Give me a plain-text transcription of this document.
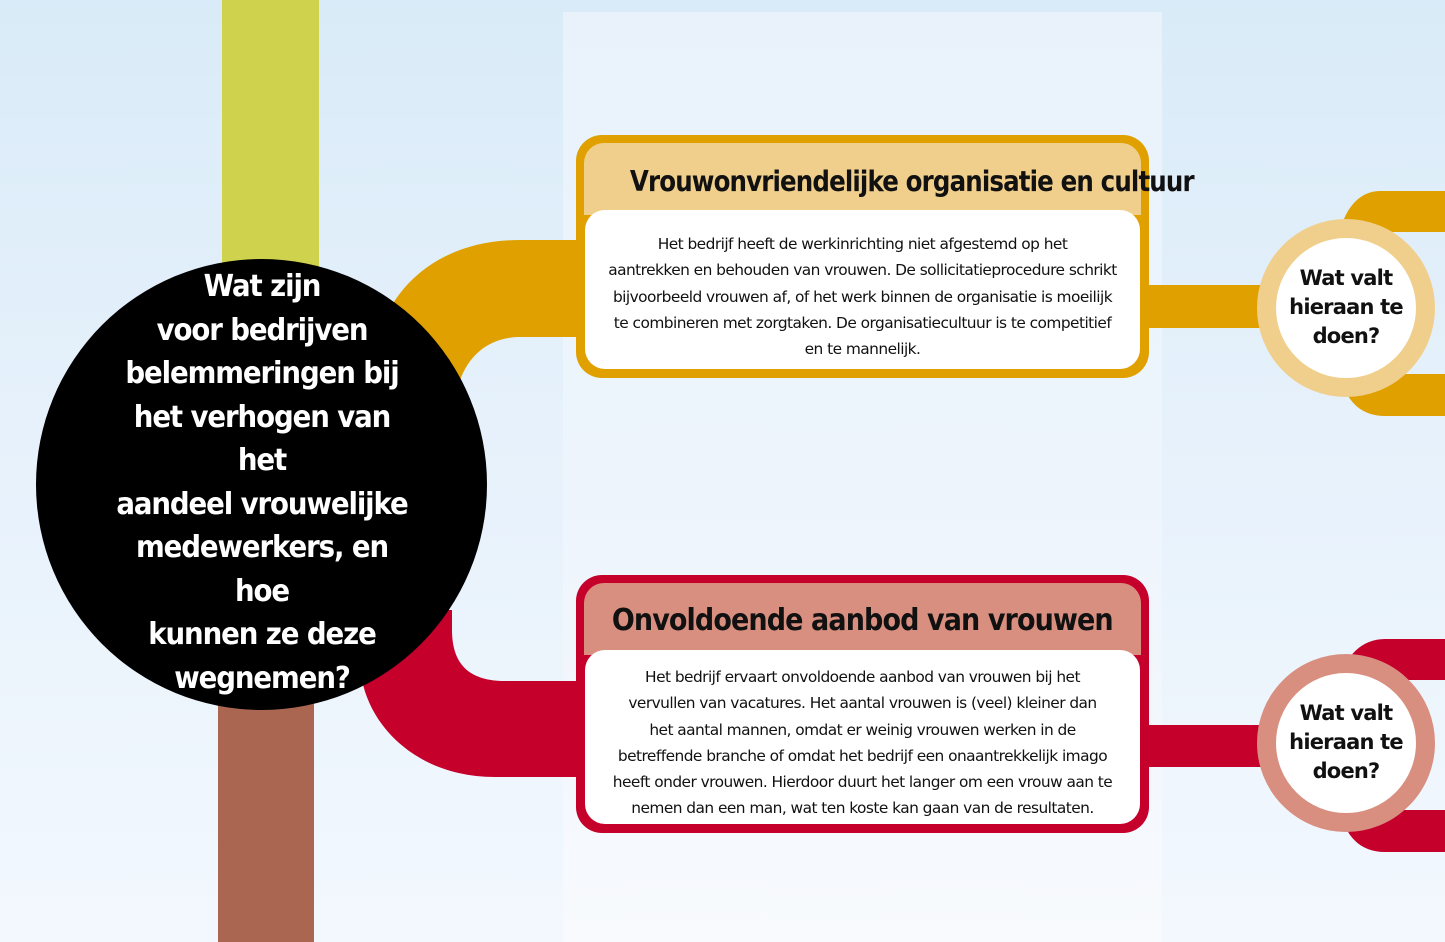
Wat zijn
voor bedrijven
belemmeringen bij
het verhogen van het
aandeel vrouwelijke
medewerkers, en hoe
kunnen ze deze
wegnemen?
Vrouwonvriendelijke organisatie en cultuur
Het bedrijf heeft de werkinrichting niet afgestemd op het
aantrekken en behouden van vrouwen. De sollicitatieprocedure schrikt
bijvoorbeeld vrouwen af, of het werk binnen de organisatie is moeilijk
te combineren met zorgtaken. De organisatiecultuur is te competitief
en te mannelijk.
Onvoldoende aanbod van vrouwen
Het bedrijf ervaart onvoldoende aanbod van vrouwen bij het
vervullen van vacatures. Het aantal vrouwen is (veel) kleiner dan
het aantal mannen, omdat er weinig vrouwen werken in de
betreffende branche of omdat het bedrijf een onaantrekkelijk imago
heeft onder vrouwen. Hierdoor duurt het langer om een vrouw aan te
nemen dan een man, wat ten koste kan gaan van de resultaten.
Wat valt
hieraan te
doen?
Wat valt
hieraan te
doen?
